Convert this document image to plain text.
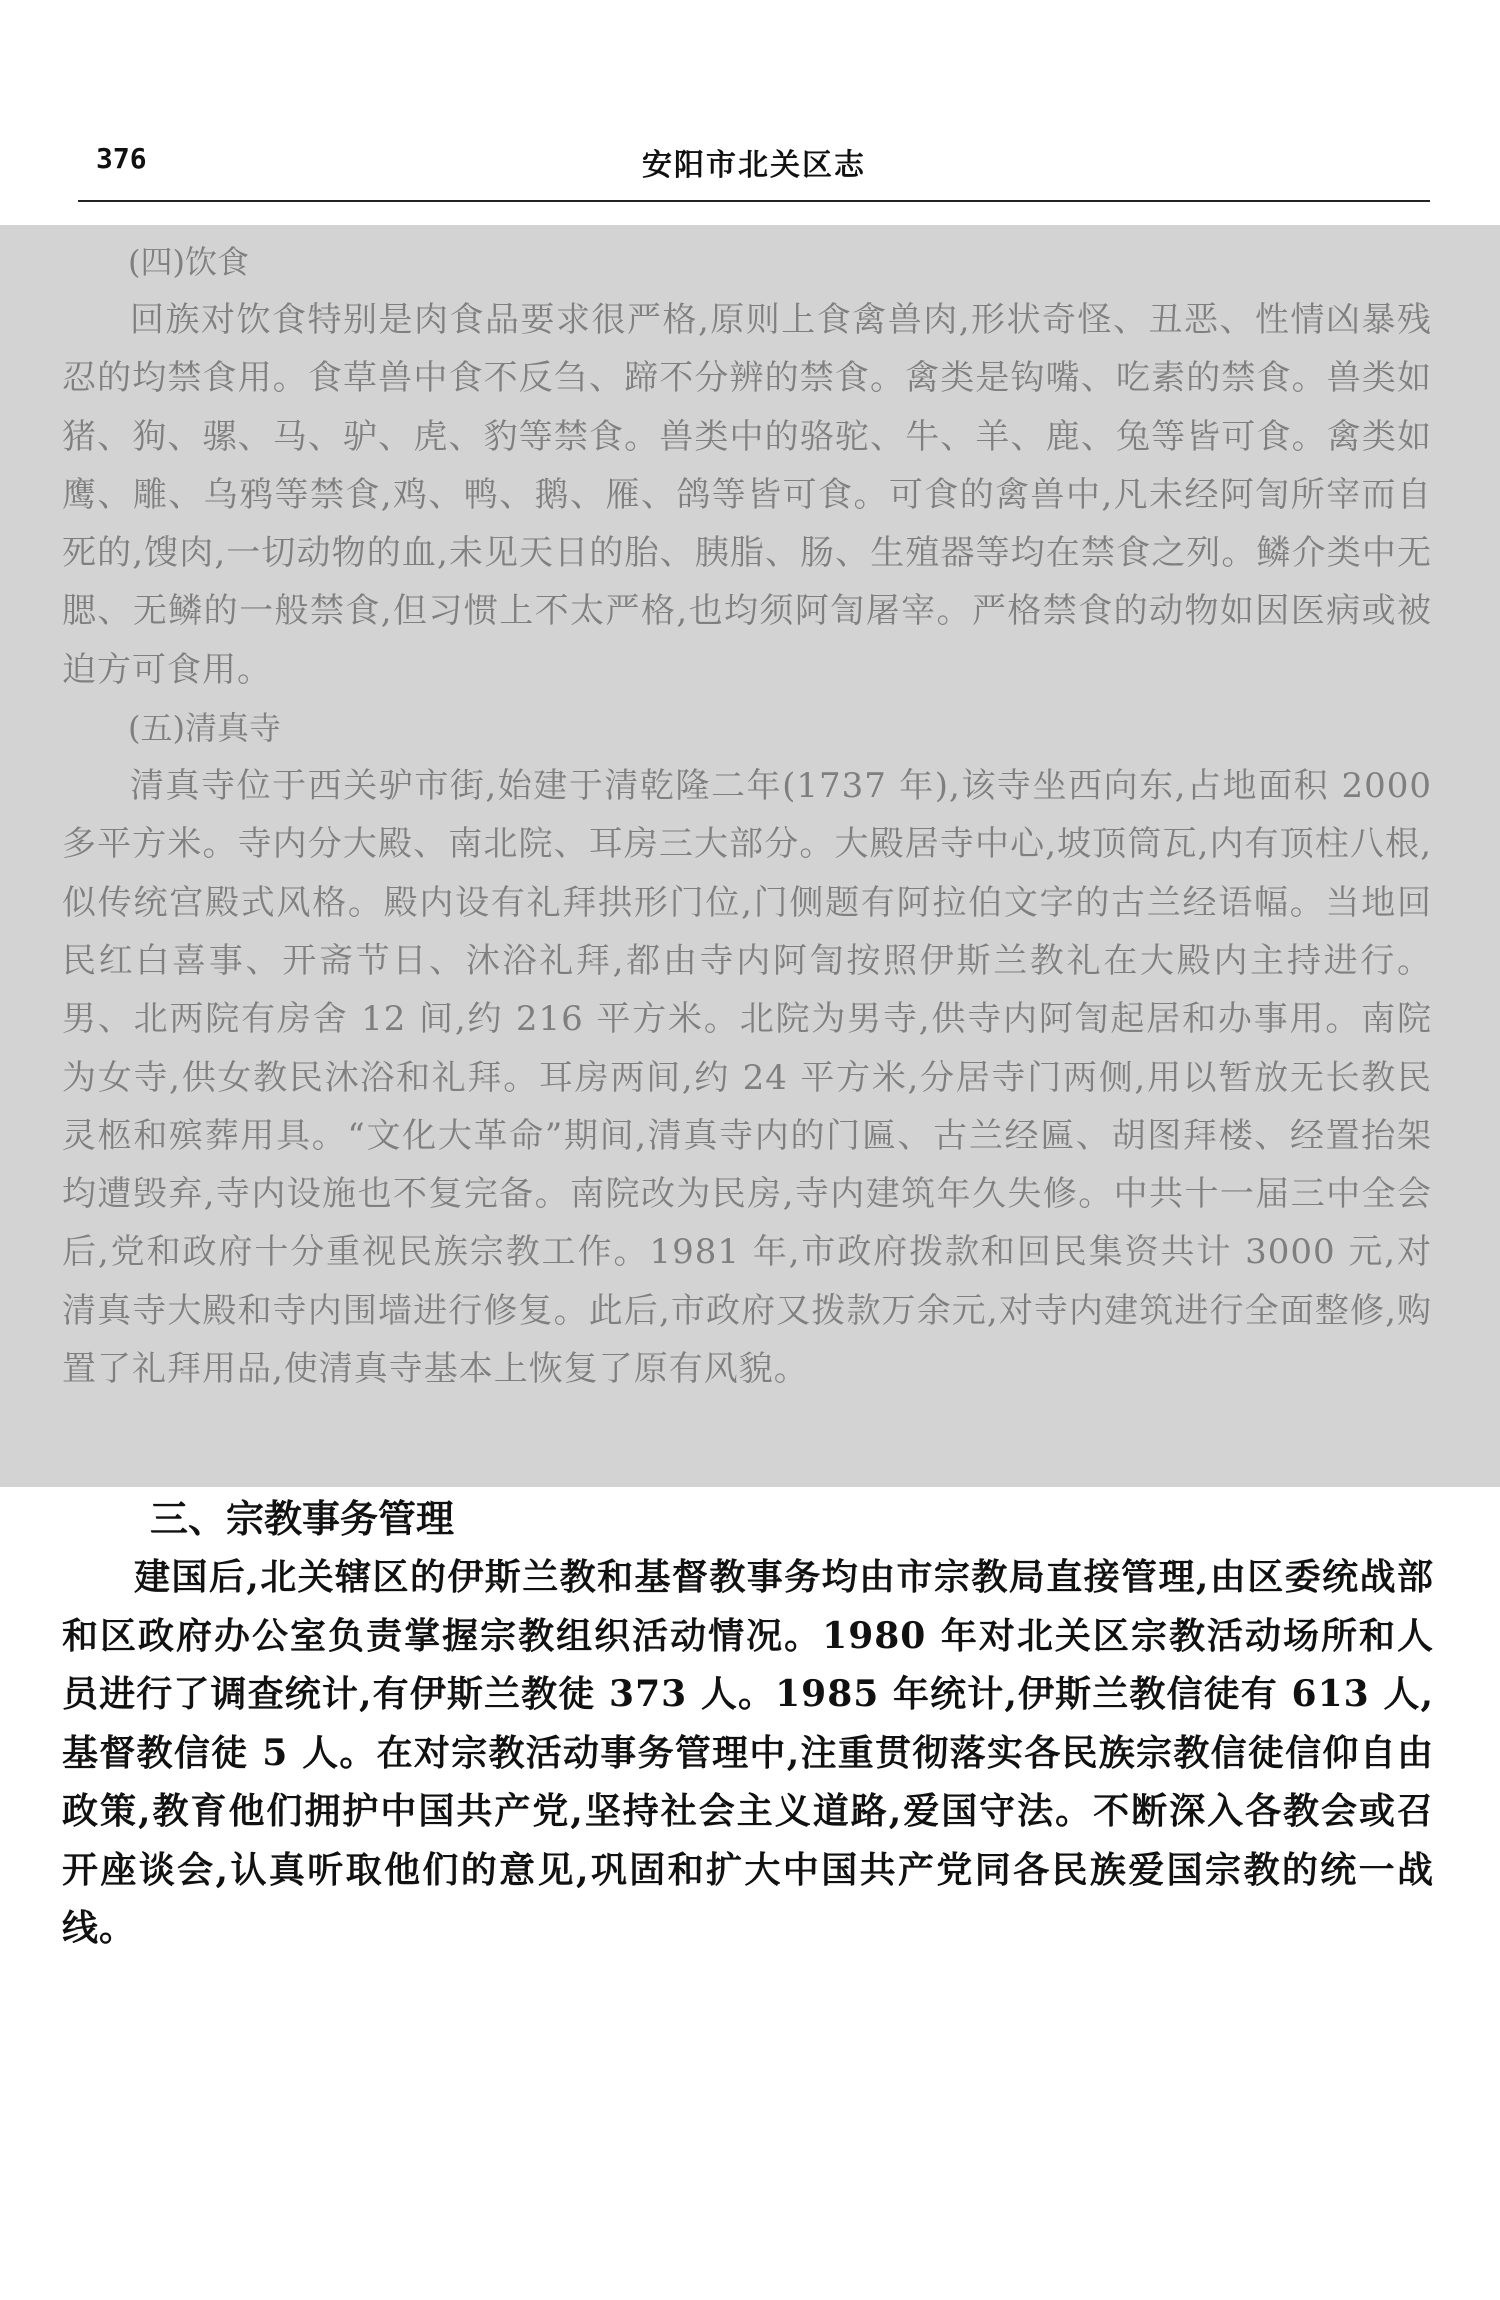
376	安阳市北关区志
(四)饮食

回族对饮食特别是肉食品要求很严格,原则上食禽兽肉,形状奇怪、丑恶、性情凶暴残忍的均禁食用。食草兽中食不反刍、蹄不分辨的禁食。禽类是钩嘴、吃素的禁食。兽类如猪、狗、骡、马、驴、虎、豹等禁食。兽类中的骆驼、牛、羊、鹿、兔等皆可食。禽类如鹰、雕、乌鸦等禁食,鸡、鸭、鹅、雁、鸽等皆可食。可食的禽兽中,凡未经阿訇所宰而自死的,馊肉,一切动物的血,未见天日的胎、胰脂、肠、生殖器等均在禁食之列。鳞介类中无腮、无鳞的一般禁食,但习惯上不太严格,也均须阿訇屠宰。严格禁食的动物如因医病或被迫方可食用。

(五)清真寺

清真寺位于西关驴市街,始建于清乾隆二年(1737 年),该寺坐西向东,占地面积 2000 多平方米。寺内分大殿、南北院、耳房三大部分。大殿居寺中心,坡顶筒瓦,内有顶柱八根,似传统宫殿式风格。殿内设有礼拜拱形门位,门侧题有阿拉伯文字的古兰经语幅。当地回民红白喜事、开斋节日、沐浴礼拜,都由寺内阿訇按照伊斯兰教礼在大殿内主持进行。男、北两院有房舍 12 间,约 216 平方米。北院为男寺,供寺内阿訇起居和办事用。南院为女寺,供女教民沐浴和礼拜。耳房两间,约 24 平方米,分居寺门两侧,用以暂放无长教民灵柩和殡葬用具。“文化大革命”期间,清真寺内的门匾、古兰经匾、胡图拜楼、经置抬架均遭毁弃,寺内设施也不复完备。南院改为民房,寺内建筑年久失修。中共十一届三中全会后,党和政府十分重视民族宗教工作。1981 年,市政府拨款和回民集资共计 3000 元,对清真寺大殿和寺内围墙进行修复。此后,市政府又拨款万余元,对寺内建筑进行全面整修,购置了礼拜用品,使清真寺基本上恢复了原有风貌。

三、宗教事务管理

建国后,北关辖区的伊斯兰教和基督教事务均由市宗教局直接管理,由区委统战部和区政府办公室负责掌握宗教组织活动情况。1980 年对北关区宗教活动场所和人员进行了调查统计,有伊斯兰教徒 373 人。1985 年统计,伊斯兰教信徒有 613 人,基督教信徒 5 人。在对宗教活动事务管理中,注重贯彻落实各民族宗教信徒信仰自由政策,教育他们拥护中国共产党,坚持社会主义道路,爱国守法。不断深入各教会或召开座谈会,认真听取他们的意见,巩固和扩大中国共产党同各民族爱国宗教的统一战线。
